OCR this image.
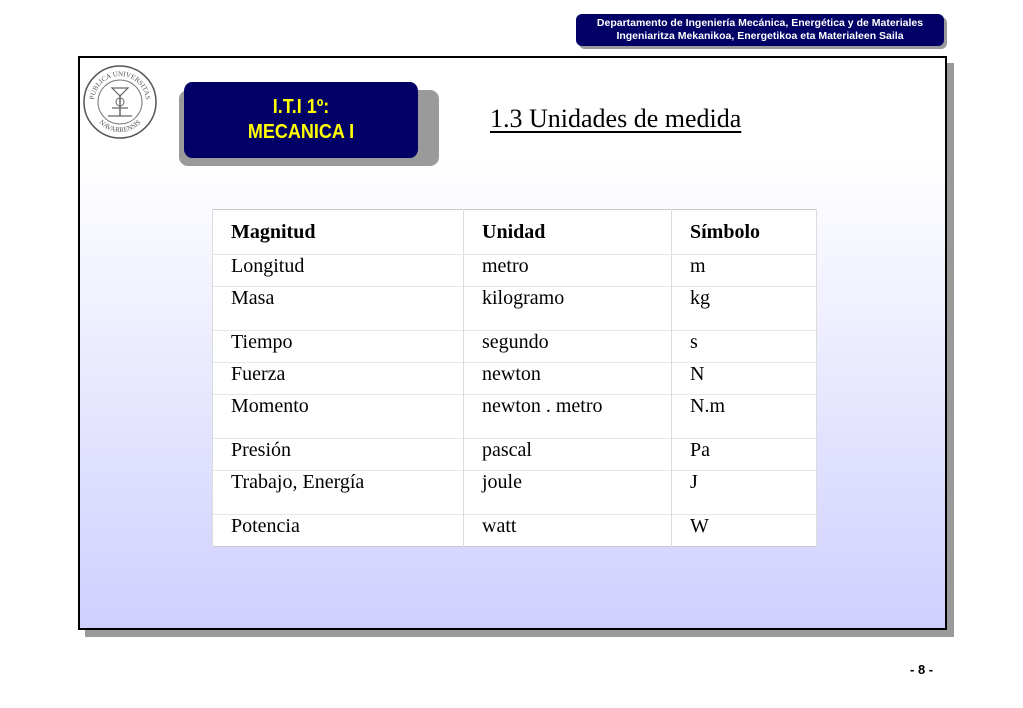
Departamento de Ingeniería Mecánica, Energética y de Materiales
Ingeniaritza Mekanikoa, Energetikoa eta Materialeen Saila
PUBLICA UNIVERSITAS
NAVARRENSIS
I.T.I 1º:
MECANICA I	1.3 Unidades de medida
Magnitud	Unidad	Símbolo
Longitud	metro	m
Masa	kilogramo	kg
Tiempo	segundo	s
Fuerza	newton	N
Momento	newton . metro	N.m
Presión	pascal	Pa
Trabajo, Energía	joule	J
Potencia	watt	W
- 8 -
